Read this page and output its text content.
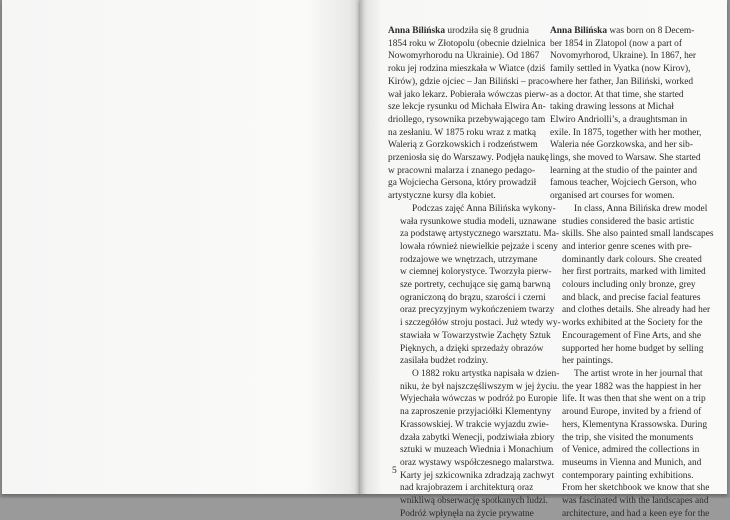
Anna Bilińska urodziła się 8 grudnia
1854 roku w Złotopolu (obecnie dzielnica
Nowomyrhorodu na Ukrainie). Od 1867
roku jej rodzina mieszkała w Wiatce (dziś
Kirów), gdzie ojciec – Jan Biliński – praco-
wał jako lekarz. Pobierała wówczas pierw-
sze lekcje rysunku od Michała Elwira An-
driollego, rysownika przebywającego tam
na zesłaniu. W 1875 roku wraz z matką
Walerią z Gorzkowskich i rodzeństwem
przeniosła się do Warszawy. Podjęła naukę
w pracowni malarza i znanego pedago-
ga Wojciecha Gersona, który prowadził
artystyczne kursy dla kobiet.

Podczas zajęć Anna Bilińska wykony-
wała rysunkowe studia modeli, uznawane
za podstawę artystycznego warsztatu. Ma-
lowała również niewielkie pejzaże i sceny
rodzajowe we wnętrzach, utrzymane
w ciemnej kolorystyce. Tworzyła pierw-
sze portrety, cechujące się gamą barwną
ograniczoną do brązu, szarości i czerni
oraz precyzyjnym wykończeniem twarzy
i szczegółów stroju postaci. Już wtedy wy-
stawiała w Towarzystwie Zachęty Sztuk
Pięknych, a dzięki sprzedaży obrazów
zasilała budżet rodziny.

O 1882 roku artystka napisała w dzien-
niku, że był najszczęśliwszym w jej życiu.
Wyjechała wówczas w podróż po Europie
na zaproszenie przyjaciółki Klementyny
Krassowskiej. W trakcie wyjazdu zwie-
dzała zabytki Wenecji, podziwiała zbiory
sztuki w muzeach Wiednia i Monachium
oraz wystawy współczesnego malarstwa.
Karty jej szkicownika zdradzają zachwyt
nad krajobrazem i architekturą oraz
wnikliwą obserwację spotkanych ludzi.
Podróż wpłynęła na życie prywatne

Anna Bilińska was born on 8 Decem-
ber 1854 in Zlatopol (now a part of
Novomyrhorod, Ukraine). In 1867, her
family settled in Vyatka (now Kirov),
where her father, Jan Biliński, worked
as a doctor. At that time, she started
taking drawing lessons at Michał
Elwiro Andriolli’s, a draughtsman in
exile. In 1875, together with her mother,
Waleria née Gorzkowska, and her sib-
lings, she moved to Warsaw. She started
learning at the studio of the painter and
famous teacher, Wojciech Gerson, who
organised art courses for women.

In class, Anna Bilińska drew model
studies considered the basic artistic
skills. She also painted small landscapes
and interior genre scenes with pre-
dominantly dark colours. She created
her first portraits, marked with limited
colours including only bronze, grey
and black, and precise facial features
and clothes details. She already had her
works exhibited at the Society for the
Encouragement of Fine Arts, and she
supported her home budget by selling
her paintings.

The artist wrote in her journal that
the year 1882 was the happiest in her
life. It was then that she went on a trip
around Europe, invited by a friend of
hers, Klementyna Krassowska. During
the trip, she visited the monuments
of Venice, admired the collections in
museums in Vienna and Munich, and
contemporary painting exhibitions.
From her sketchbook we know that she
was fascinated with the landscapes and
architecture, and had a keen eye for the

5
